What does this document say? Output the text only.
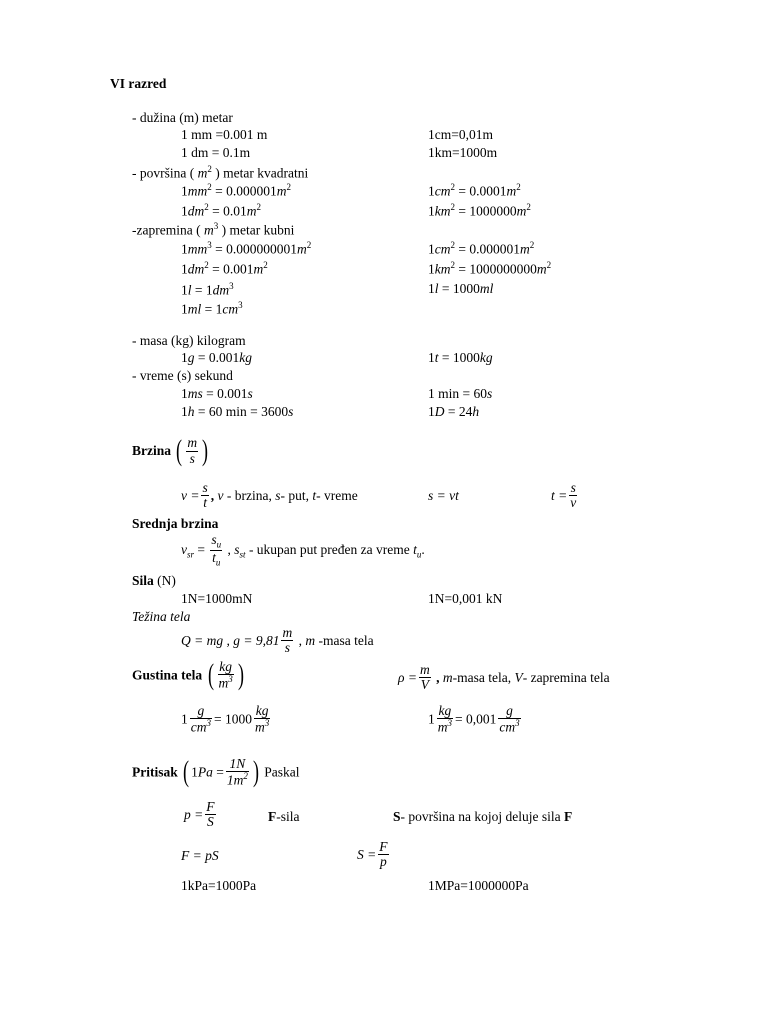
VI razred
- dužina (m) metar
1 mm =0.001 m	1cm=0,01m
1 dm = 0.1m	1km=1000m
- površina ( $m^2$ ) metar kvadratni
$1mm^2 = 0.000001m^2$	$1cm^2 = 0.0001m^2$
$1dm^2 = 0.01m^2$	$1km^2 = 1000000m^2$
-zapremina ( $m^3$ ) metar kubni
$1mm^3 = 0.000000001m^2$	$1cm^2 = 0.000001m^2$
$1dm^2 = 0.001m^2$	$1km^2 = 1000000000m^2$
$1l = 1dm^3$	1l = 1000ml
$1ml = 1cm^3$
- masa (kg) kilogram
1g = 0.001kg	1t = 1000kg
- vreme (s) sekund
1ms = 0.001s	1 min = 60s
1h = 60 min = 3600s	1D = 24h
Brzina ( $\frac{m}{s}$ )
$v = \frac{s}{t}$ , v - brzina, s- put, t- vreme	s = vt	$t = \frac{s}{v}$
Srednja brzina
$v_{sr} = \frac{s_u}{t_u}$ , $s_{st}$ - ukupan put pređen za vreme $t_u$.
Sila (N)
1N=1000mN	1N=0,001 kN
Težina tela
Q = mg , $g = 9,81 \frac{m}{s}$ , m -masa tela
Gustina tela ( $\frac{kg}{m^3}$ )	$\rho = \frac{m}{V}$ , m-masa tela, V- zapremina tela
$1 \frac{g}{cm^3} = 1000 \frac{kg}{m^3}$	$1 \frac{kg}{m^3} = 0,001 \frac{g}{cm^3}$
Pritisak ( $1Pa = \frac{1N}{1m^2}$ ) Paskal
$p = \frac{F}{S}$	F-sila	S- površina na kojoj deluje sila F
F = pS	$S = \frac{F}{p}$
1kPa=1000Pa	1MPa=1000000Pa
